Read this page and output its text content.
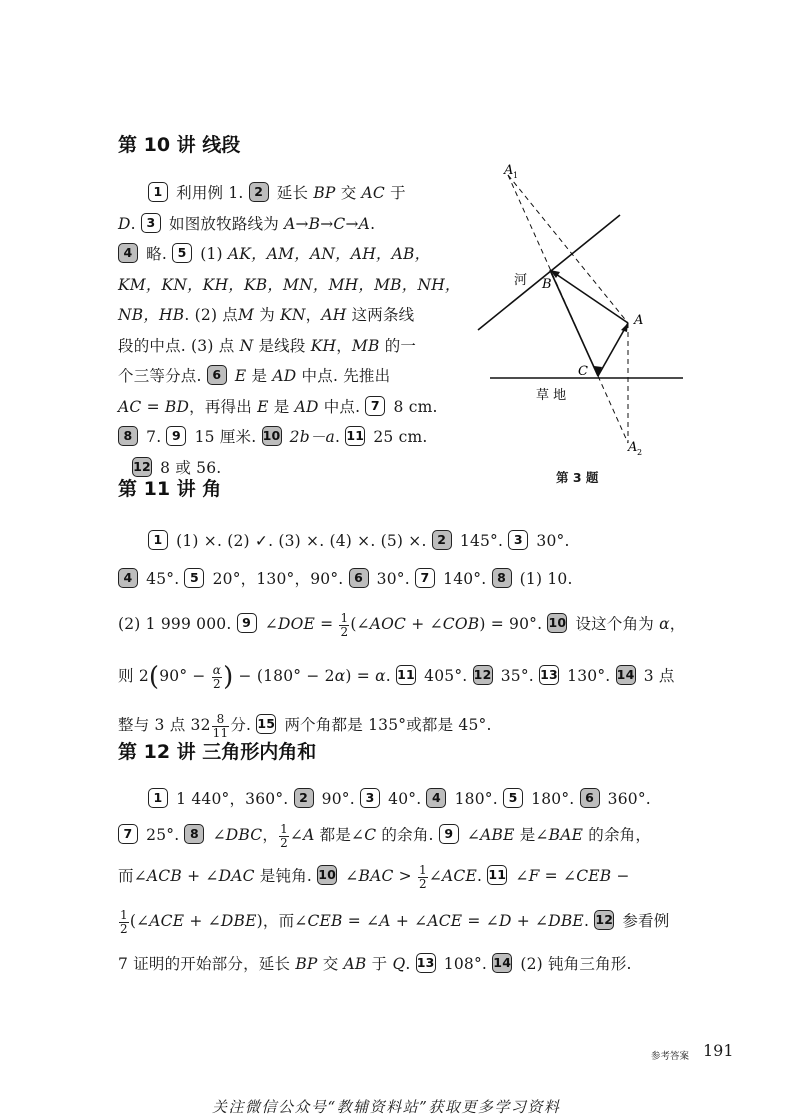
第 10 讲 线段
1 利用例 1. 2 延长 BP 交 AC 于
D. 3 如图放牧路线为 A→B→C→A.
4 略. 5 (1) AK，AM，AN，AH，AB，
KM，KN，KH，KB，MN，MH，MB，NH，
NB，HB. (2) 点M 为 KN，AH 这两条线
段的中点. (3) 点 N 是线段 KH，MB 的一
个三等分点. 6 E 是 AD 中点. 先推出
AC = BD，再得出 E 是 AD 中点. 7 8 cm.
8 7. 9 15 厘米. 10 2b－a. 11 25 cm.
12 8 或 56.
A 1
B
A
C
A 2
河
草 地
第 3 题
第 11 讲 角
1 (1) ×. (2) ✓. (3) ×. (4) ×. (5) ×. 2 145°. 3 30°.
4 45°. 5 20°，130°，90°. 6 30°. 7 140°. 8 (1) 10.
(2) 1 999 000. 9 ∠DOE = $\frac{1}{2}$ (∠AOC + ∠COB) = 90°. 10 设这个角为 α，
则 $2(90^\circ - \frac{\alpha}{2}$ ) − (180° − 2α) = α. 11 405°. 12 35°. 13 130°. 14 3 点
整与 3 点 $32 \frac{8}{11}$ 分. 15 两个角都是 135°或都是 45°.
第 12 讲 三角形内角和
1 1 440°，360°. 2 90°. 3 40°. 4 180°. 5 180°. 6 360°.
7 25°. 8 ∠DBC， $\frac{1}{2}$ ∠A 都是∠C 的余角. 9 ∠ABE 是∠BAE 的余角，
而∠ACB + ∠DAC 是钝角. 10 ∠BAC > $\frac{1}{2}$ ∠ACE. 11 ∠F = ∠CEB −
$\frac{1}{2}$ (∠ACE + ∠DBE)，而∠CEB = ∠A + ∠ACE = ∠D + ∠DBE. 12 参看例
7 证明的开始部分，延长 BP 交 AB 于 Q. 13 108°. 14 (2) 钝角三角形.
参考答案 191
关注微信公众号“教辅资料站”获取更多学习资料
